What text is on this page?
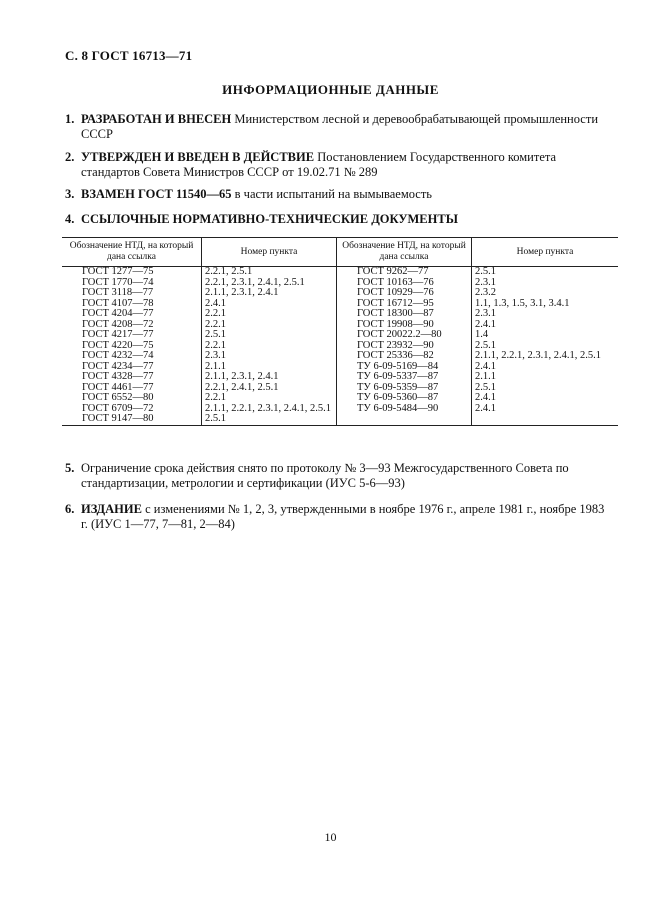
С. 8 ГОСТ 16713—71
ИНФОРМАЦИОННЫЕ ДАННЫЕ
1. РАЗРАБОТАН И ВНЕСЕН Министерством лесной и деревообрабатывающей промышленности СССР
2. УТВЕРЖДЕН И ВВЕДЕН В ДЕЙСТВИЕ Постановлением Государственного комитета стандартов Совета Министров СССР от 19.02.71 № 289
3. ВЗАМЕН ГОСТ 11540—65 в части испытаний на вымываемость
4. ССЫЛОЧНЫЕ НОРМАТИВНО-ТЕХНИЧЕСКИЕ ДОКУМЕНТЫ
Обозначение НТД, на который дана ссылка	Номер пункта	Обозначение НТД, на который дана ссылка	Номер пункта
ГОСТ 1277—75	2.2.1, 2.5.1	ГОСТ 9262—77	2.5.1
ГОСТ 1770—74	2.2.1, 2.3.1, 2.4.1, 2.5.1	ГОСТ 10163—76	2.3.1
ГОСТ 3118—77	2.1.1, 2.3.1, 2.4.1	ГОСТ 10929—76	2.3.2
ГОСТ 4107—78	2.4.1	ГОСТ 16712—95	1.1, 1.3, 1.5, 3.1, 3.4.1
ГОСТ 4204—77	2.2.1	ГОСТ 18300—87	2.3.1
ГОСТ 4208—72	2.2.1	ГОСТ 19908—90	2.4.1
ГОСТ 4217—77	2.5.1	ГОСТ 20022.2—80	1.4
ГОСТ 4220—75	2.2.1	ГОСТ 23932—90	2.5.1
ГОСТ 4232—74	2.3.1	ГОСТ 25336—82	2.1.1, 2.2.1, 2.3.1, 2.4.1, 2.5.1
ГОСТ 4234—77	2.1.1	ТУ 6-09-5169—84	2.4.1
ГОСТ 4328—77	2.1.1, 2.3.1, 2.4.1	ТУ 6-09-5337—87	2.1.1
ГОСТ 4461—77	2.2.1, 2.4.1, 2.5.1	ТУ 6-09-5359—87	2.5.1
ГОСТ 6552—80	2.2.1	ТУ 6-09-5360—87	2.4.1
ГОСТ 6709—72	2.1.1, 2.2.1, 2.3.1, 2.4.1, 2.5.1	ТУ 6-09-5484—90	2.4.1
ГОСТ 9147—80	2.5.1		
5. Ограничение срока действия снято по протоколу № 3—93 Межгосударственного Совета по стандартизации, метрологии и сертификации (ИУС 5-6—93)
6. ИЗДАНИЕ с изменениями № 1, 2, 3, утвержденными в ноябре 1976 г., апреле 1981 г., ноябре 1983 г. (ИУС 1—77, 7—81, 2—84)
10
